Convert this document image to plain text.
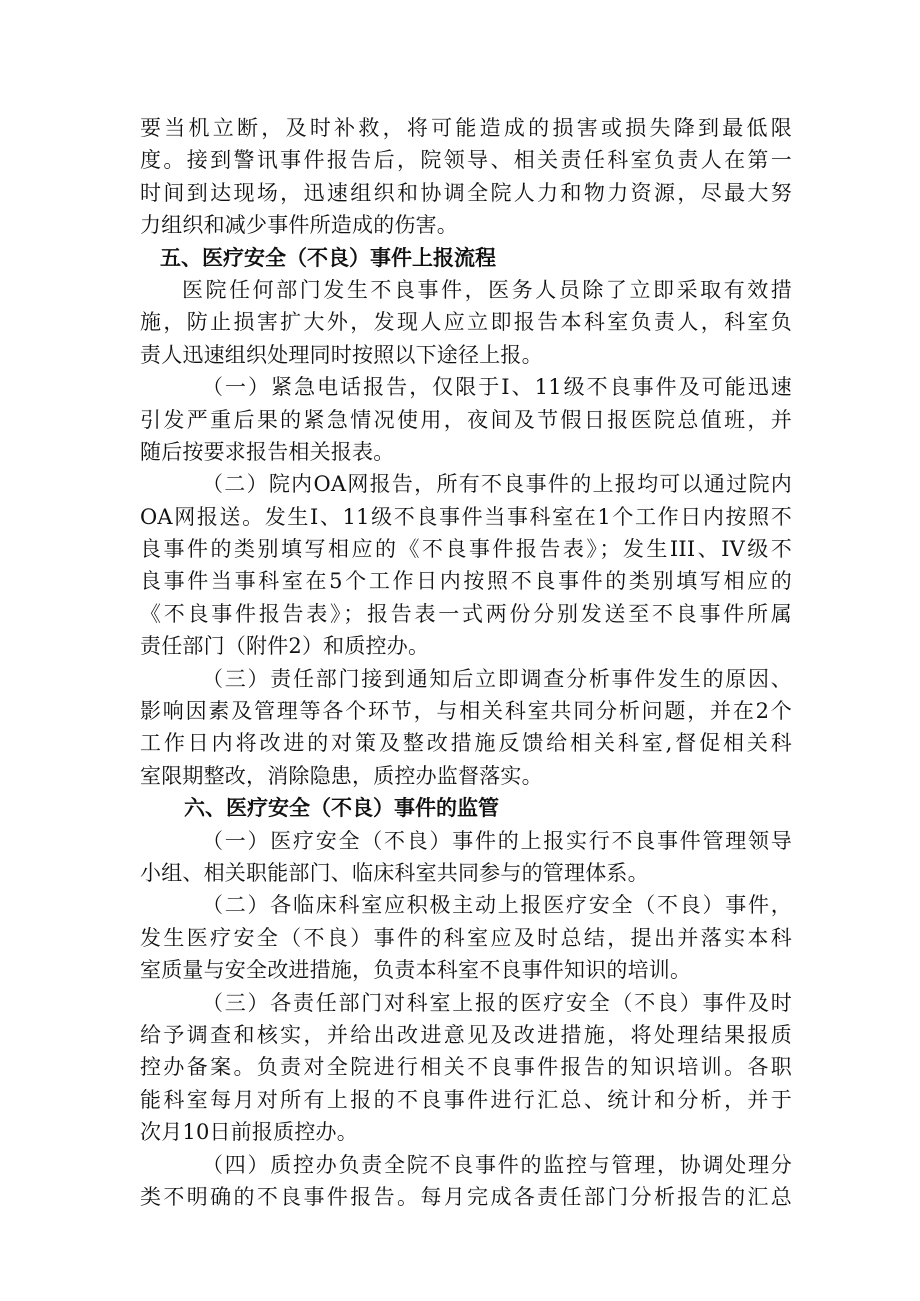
要当机立断，及时补救，将可能造成的损害或损失降到最低限
度。接到警讯事件报告后，院领导、相关责任科室负责人在第一
时间到达现场，迅速组织和协调全院人力和物力资源，尽最大努
力组织和减少事件所造成的伤害。
五、医疗安全（不良）事件上报流程
医院任何部门发生不良事件，医务人员除了立即采取有效措
施，防止损害扩大外，发现人应立即报告本科室负责人，科室负
责人迅速组织处理同时按照以下途径上报。
（一）紧急电话报告，仅限于I、11级不良事件及可能迅速
引发严重后果的紧急情况使用，夜间及节假日报医院总值班，并
随后按要求报告相关报表。
（二）院内OA网报告，所有不良事件的上报均可以通过院内
OA网报送。发生I、11级不良事件当事科室在1个工作日内按照不
良事件的类别填写相应的《不良事件报告表》；发生III、IV级不
良事件当事科室在5个工作日内按照不良事件的类别填写相应的
《不良事件报告表》；报告表一式两份分别发送至不良事件所属
责任部门（附件2）和质控办。
（三）责任部门接到通知后立即调查分析事件发生的原因、
影响因素及管理等各个环节，与相关科室共同分析问题，并在2个
工作日内将改进的对策及整改措施反馈给相关科室,督促相关科
室限期整改，消除隐患，质控办监督落实。
六、医疗安全（不良）事件的监管
（一）医疗安全（不良）事件的上报实行不良事件管理领导
小组、相关职能部门、临床科室共同参与的管理体系。
（二）各临床科室应积极主动上报医疗安全（不良）事件，
发生医疗安全（不良）事件的科室应及时总结，提出并落实本科
室质量与安全改进措施，负责本科室不良事件知识的培训。
（三）各责任部门对科室上报的医疗安全（不良）事件及时
给予调查和核实，并给出改进意见及改进措施，将处理结果报质
控办备案。负责对全院进行相关不良事件报告的知识培训。各职
能科室每月对所有上报的不良事件进行汇总、统计和分析，并于
次月10日前报质控办。
（四）质控办负责全院不良事件的监控与管理，协调处理分
类不明确的不良事件报告。每月完成各责任部门分析报告的汇总
